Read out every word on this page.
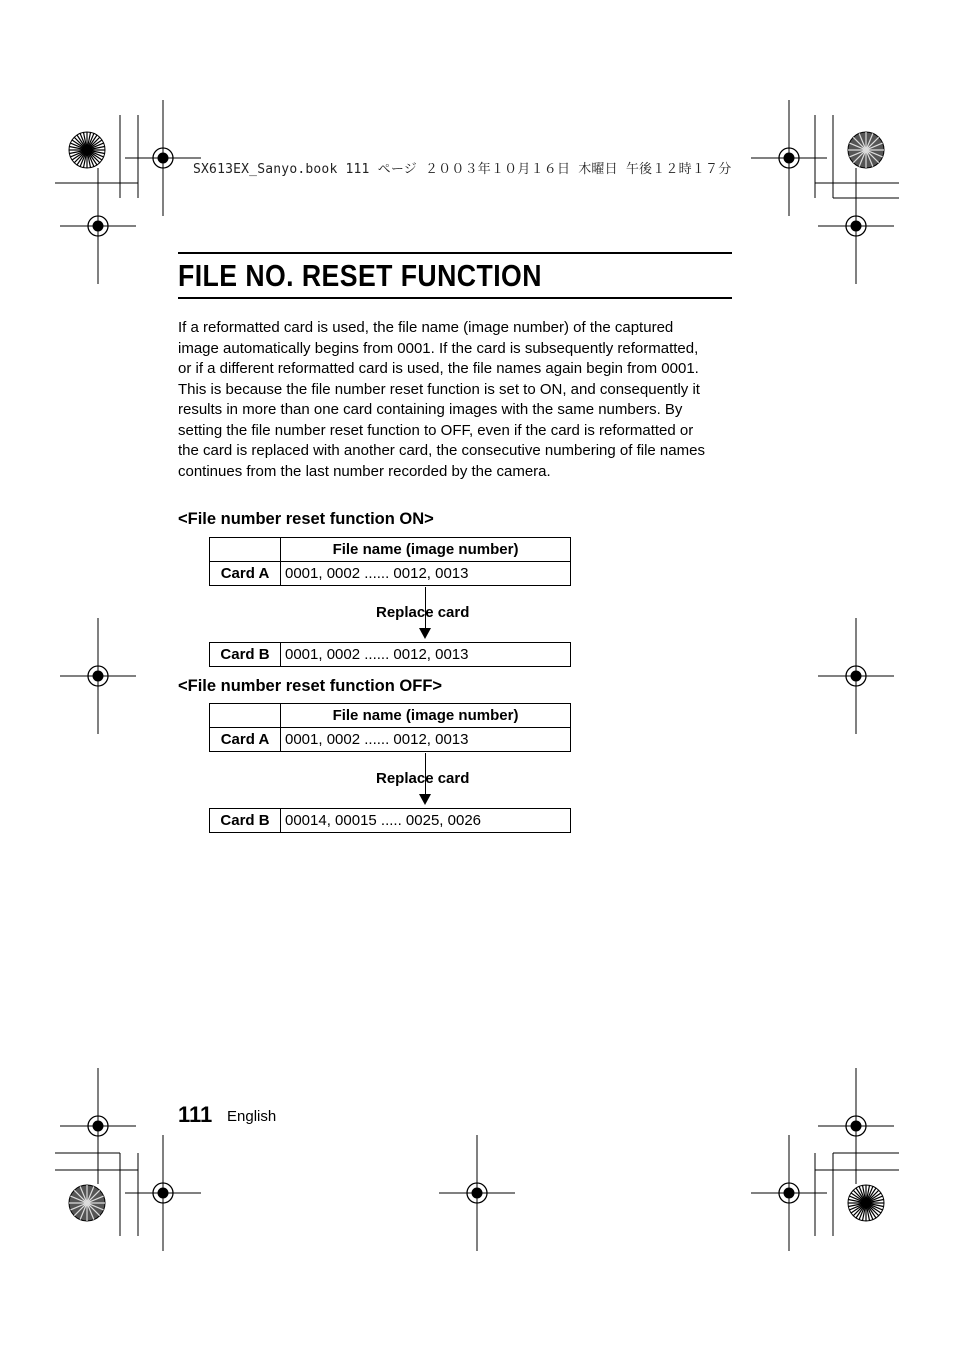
SX613EX_Sanyo.book 111 ページ ２００３年１０月１６日 木曜日 午後１２時１７分
FILE NO. RESET FUNCTION
If a reformatted card is used, the file name (image number) of the captured
image automatically begins from 0001. If the card is subsequently reformatted,
or if a different reformatted card is used, the file names again begin from 0001.
This is because the file number reset function is set to ON, and consequently it
results in more than one card containing images with the same numbers. By
setting the file number reset function to OFF, even if the card is reformatted or
the card is replaced with another card, the consecutive numbering of file names
continues from the last number recorded by the camera.
<File number reset function ON>
	File name (image number)
Card A	0001, 0002 ...... 0012, 0013
Replace card
Card B	0001, 0002 ...... 0012, 0013
<File number reset function OFF>
	File name (image number)
Card A	0001, 0002 ...... 0012, 0013
Replace card
Card B	00014, 00015 ..... 0025, 0026
111 English
